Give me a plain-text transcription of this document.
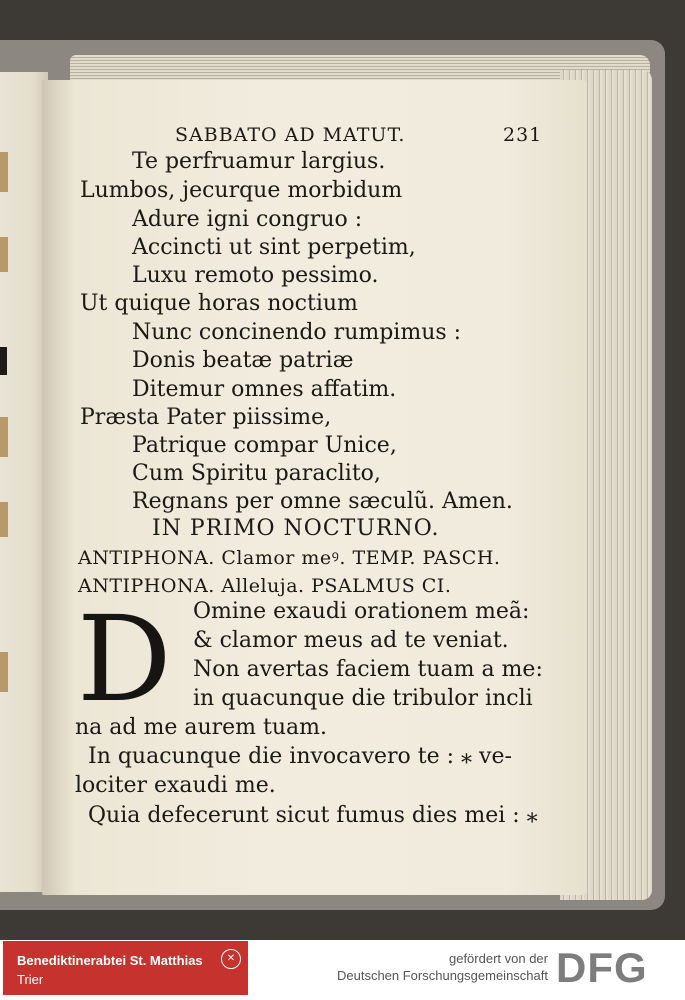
SABBATO AD MATUT.	231
Te perfruamur largius.
Lumbos, jecurque morbidum
Adure igni congruo :
Accincti ut sint perpetim,
Luxu remoto pessimo.
Ut quique horas noctium
Nunc concinendo rumpimus :
Donis beatæ patriæ
Ditemur omnes affatim.
Præsta Pater piissime,
Patrique compar Unice,
Cum Spiritu paraclito,
Regnans per omne sæculũ. Amen.
IN PRIMO NOCTURNO.
ANTIPHONA. Clamor meꝰ. TEMP. PASCH.
ANTIPHONA. Alleluja. PSALMUS CI.
D Omine exaudi orationem meã:
& clamor meus ad te veniat.
Non avertas faciem tuam a me:
in quacunque die tribulor incli
na ad me aurem tuam.
In quacunque die invocavero te : ⁎ ve-
lociter exaudi me.
Quia defecerunt sicut fumus dies mei : ⁎
Benediktinerabtei St. Matthias
Trier
✕	gefördert von der
Deutschen Forschungsgemeinschaft DFG
